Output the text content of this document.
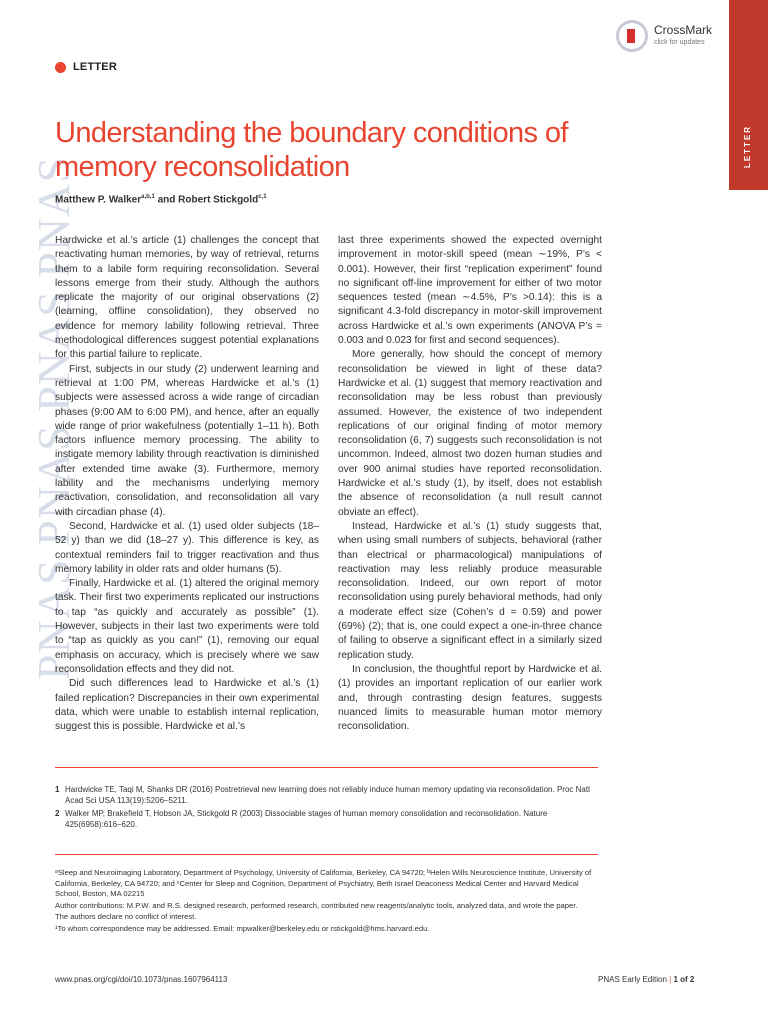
PNAS PNAS PNAS PNAS
LETTER
CrossMark
click for updates
LETTER
Understanding the boundary conditions of memory reconsolidation
Matthew P. Walker$^{a,b,1}$ and Robert Stickgold$^{c,1}$

Hardwicke et al.’s article (1) challenges the concept that reactivating human memories, by way of retrieval, returns them to a labile form requiring reconsolidation. Several lessons emerge from their study. Although the authors replicate the majority of our original observations (2) (learning, offline consolidation), they observed no evidence for memory lability following retrieval. Three methodological differences suggest potential explanations for this partial failure to replicate.

First, subjects in our study (2) underwent learning and retrieval at 1:00 PM, whereas Hardwicke et al.’s (1) subjects were assessed across a wide range of circadian phases (9:00 AM to 6:00 PM), and hence, after an equally wide range of prior wakefulness (potentially 1–11 h). Both factors influence memory processing. The ability to instigate memory lability through reactivation is diminished after extended time awake (3). Furthermore, memory lability and the mechanisms underlying memory reactivation, consolidation, and reconsolidation all vary with circadian phase (4).

Second, Hardwicke et al. (1) used older subjects (18–52 y) than we did (18–27 y). This difference is key, as contextual reminders fail to trigger reactivation and thus memory lability in older rats and older humans (5).

Finally, Hardwicke et al. (1) altered the original memory task. Their first two experiments replicated our instructions to tap “as quickly and accurately as possible” (1). However, subjects in their last two experiments were told to “tap as quickly as you can!” (1), removing our equal emphasis on accuracy, which is precisely where we saw reconsolidation effects and they did not.

Did such differences lead to Hardwicke et al.’s (1) failed replication? Discrepancies in their own experimental data, which were unable to establish internal replication, suggest this is possible. Hardwicke et al.’s

last three experiments showed the expected overnight improvement in motor-skill speed (mean ∼19%, P’s < 0.001). However, their first “replication experiment” found no significant off-line improvement for either of two motor sequences tested (mean ∼4.5%, P’s >0.14): this is a significant 4.3-fold discrepancy in motor-skill improvement across Hardwicke et al.’s own experiments (ANOVA P’s = 0.003 and 0.023 for first and second sequences).

More generally, how should the concept of memory reconsolidation be viewed in light of these data? Hardwicke et al. (1) suggest that memory reactivation and reconsolidation may be less robust than previously assumed. However, the existence of two independent replications of our original finding of motor memory reconsolidation (6, 7) suggests such reconsolidation is not uncommon. Indeed, almost two dozen human studies and over 900 animal studies have reported reconsolidation. Hardwicke et al.’s study (1), by itself, does not establish the absence of reconsolidation (a null result cannot obviate an effect).

Instead, Hardwicke et al.’s (1) study suggests that, when using small numbers of subjects, behavioral (rather than electrical or pharmacological) manipulations of reactivation may less reliably produce measurable reconsolidation. Indeed, our own report of motor reconsolidation using purely behavioral methods, had only a moderate effect size (Cohen’s d = 0.59) and power (69%) (2); that is, one could expect a one-in-three chance of failing to observe a significant effect in a similarly sized replication study.

In conclusion, the thoughtful report by Hardwicke et al. (1) provides an important replication of our earlier work and, through contrasting design features, suggests nuanced limits to measurable human motor memory reconsolidation.

1 Hardwicke TE, Taqi M, Shanks DR (2016) Postretrieval new learning does not reliably induce human memory updating via reconsolidation. Proc Natl Acad Sci USA 113(19):5206–5211.
2 Walker MP, Brakefield T, Hobson JA, Stickgold R (2003) Dissociable stages of human memory consolidation and reconsolidation. Nature 425(6958):616–620.

ᵃSleep and Neuroimaging Laboratory, Department of Psychology, University of California, Berkeley, CA 94720; ᵇHelen Wills Neuroscience Institute, University of California, Berkeley, CA 94720; and ᶜCenter for Sleep and Cognition, Department of Psychiatry, Beth Israel Deaconess Medical Center and Harvard Medical School, Boston, MA 02215

Author contributions: M.P.W. and R.S. designed research, performed research, contributed new reagents/analytic tools, analyzed data, and wrote the paper.

The authors declare no conflict of interest.

¹To whom correspondence may be addressed. Email: mpwalker@berkeley.edu or rstickgold@hms.harvard.edu.

www.pnas.org/cgi/doi/10.1073/pnas.1607964113	PNAS Early Edition | 1 of 2
